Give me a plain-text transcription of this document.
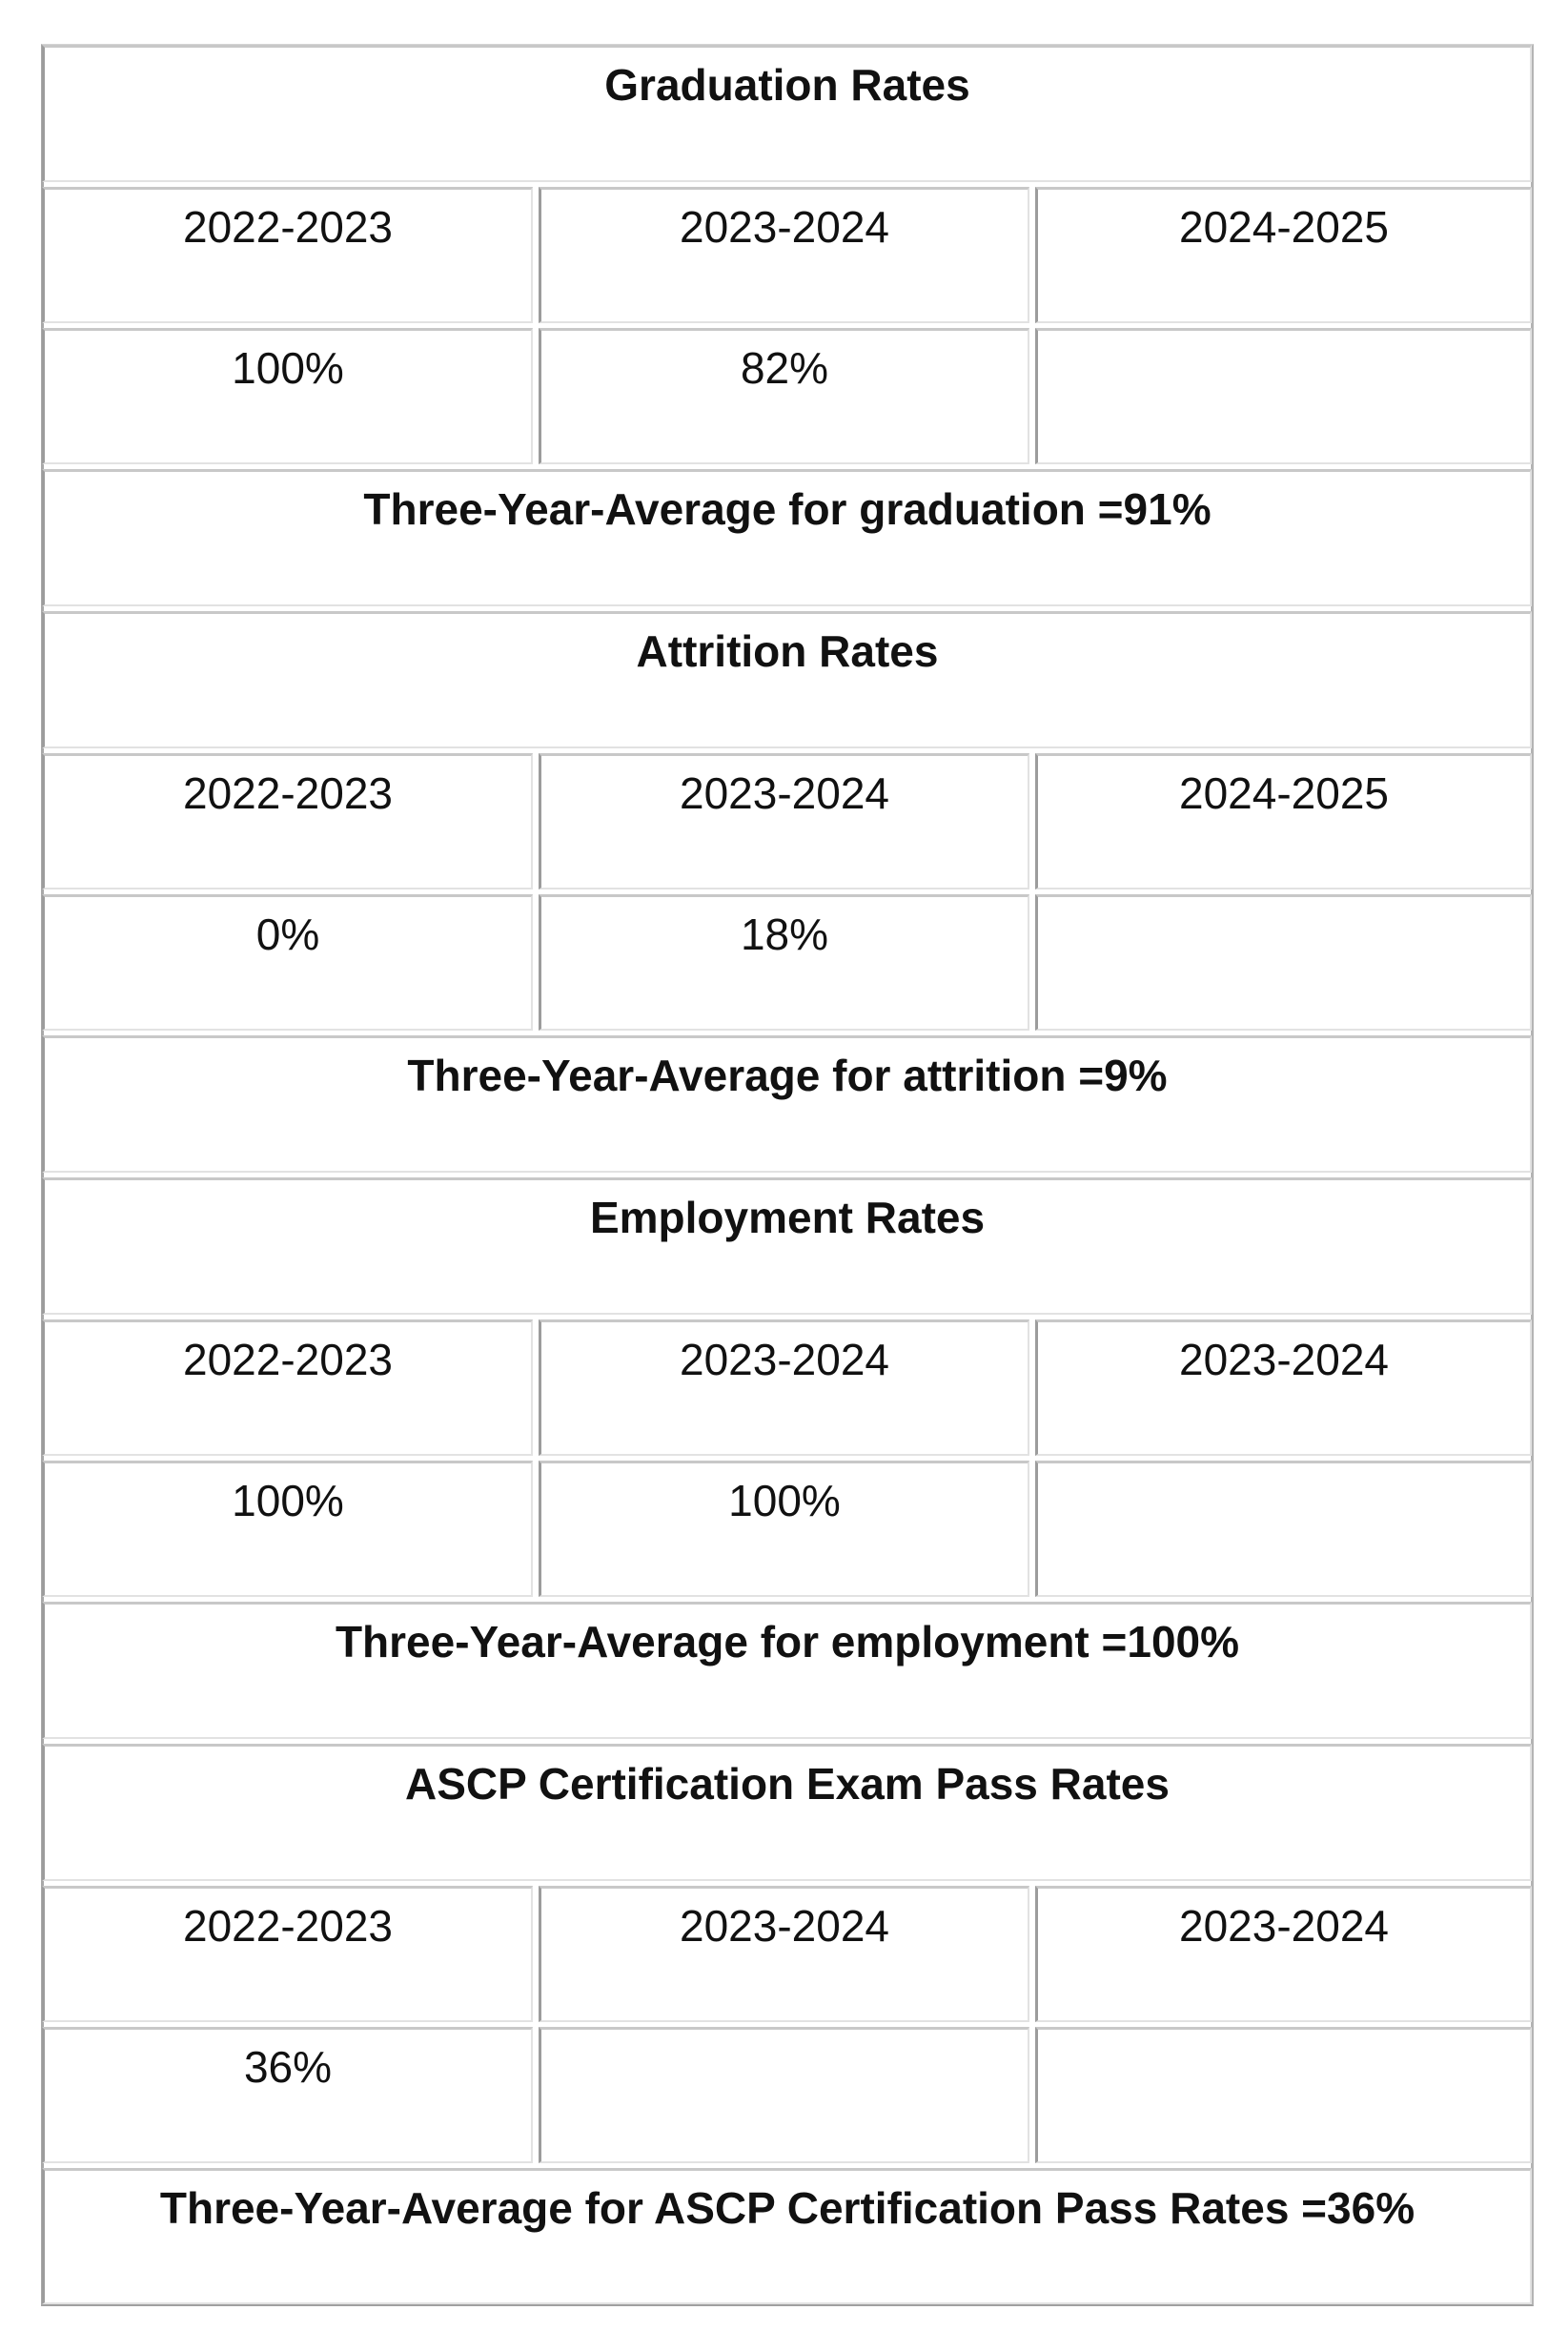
Graduation Rates
2022-2023	2023-2024	2024-2025
100%	82%
Three-Year-Average for graduation =91%
Attrition Rates
2022-2023	2023-2024	2024-2025
0%	18%
Three-Year-Average for attrition =9%
Employment Rates
2022-2023	2023-2024	2023-2024
100%	100%
Three-Year-Average for employment =100%
ASCP Certification Exam Pass Rates
2022-2023	2023-2024	2023-2024
36%
Three-Year-Average for ASCP Certification Pass Rates =36%
